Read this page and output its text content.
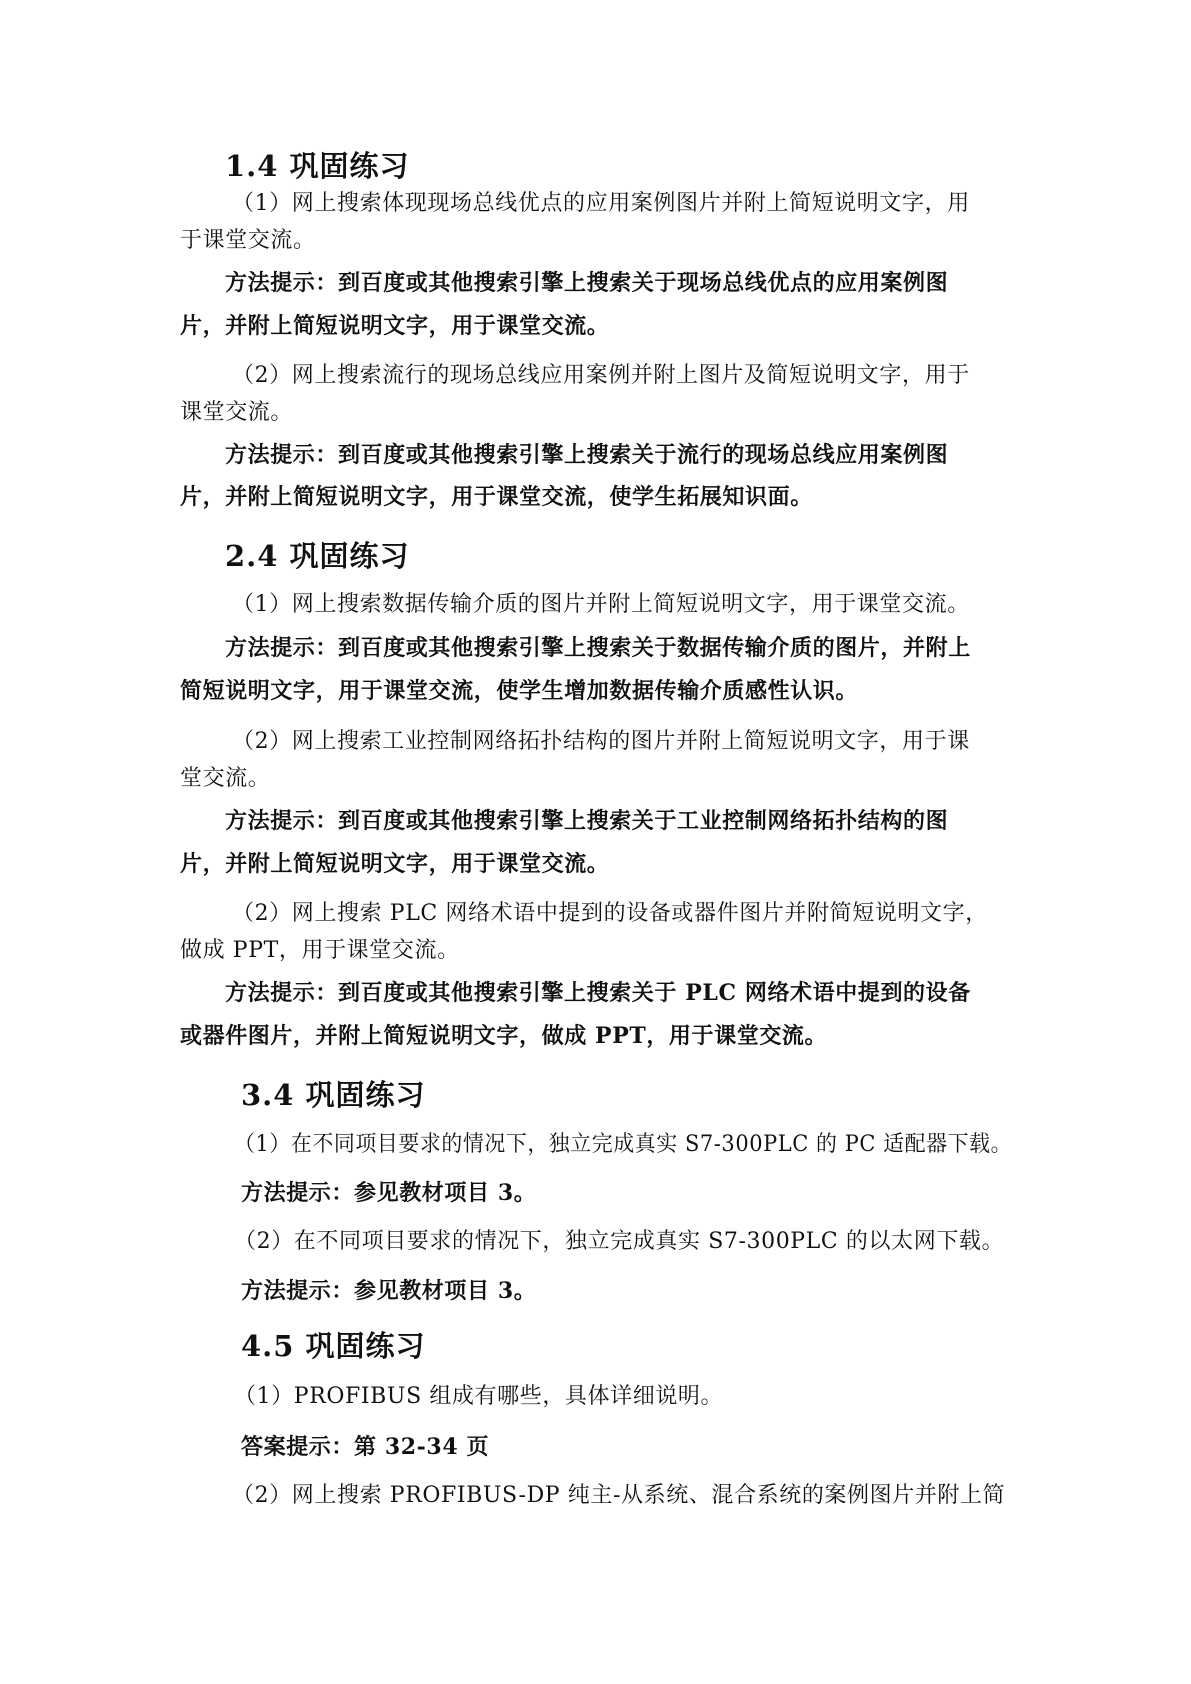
1.4 巩固练习
（1）网上搜索体现现场总线优点的应用案例图片并附上简短说明文字，用
于课堂交流。
方法提示：到百度或其他搜索引擎上搜索关于现场总线优点的应用案例图
片，并附上简短说明文字，用于课堂交流。
（2）网上搜索流行的现场总线应用案例并附上图片及简短说明文字，用于
课堂交流。
方法提示：到百度或其他搜索引擎上搜索关于流行的现场总线应用案例图
片，并附上简短说明文字，用于课堂交流，使学生拓展知识面。
2.4 巩固练习
（1）网上搜索数据传输介质的图片并附上简短说明文字，用于课堂交流。
方法提示：到百度或其他搜索引擎上搜索关于数据传输介质的图片，并附上
简短说明文字，用于课堂交流，使学生增加数据传输介质感性认识。
（2）网上搜索工业控制网络拓扑结构的图片并附上简短说明文字，用于课
堂交流。
方法提示：到百度或其他搜索引擎上搜索关于工业控制网络拓扑结构的图
片，并附上简短说明文字，用于课堂交流。
（2）网上搜索 PLC 网络术语中提到的设备或器件图片并附简短说明文字，
做成 PPT，用于课堂交流。
方法提示：到百度或其他搜索引擎上搜索关于 PLC 网络术语中提到的设备
或器件图片，并附上简短说明文字，做成 PPT，用于课堂交流。
3.4 巩固练习
（1）在不同项目要求的情况下，独立完成真实 S7-300PLC 的 PC 适配器下载。
方法提示：参见教材项目 3。
（2）在不同项目要求的情况下，独立完成真实 S7-300PLC 的以太网下载。
方法提示：参见教材项目 3。
4.5 巩固练习
（1）PROFIBUS 组成有哪些，具体详细说明。
答案提示：第 32-34 页
（2）网上搜索 PROFIBUS-DP 纯主-从系统、混合系统的案例图片并附上简
